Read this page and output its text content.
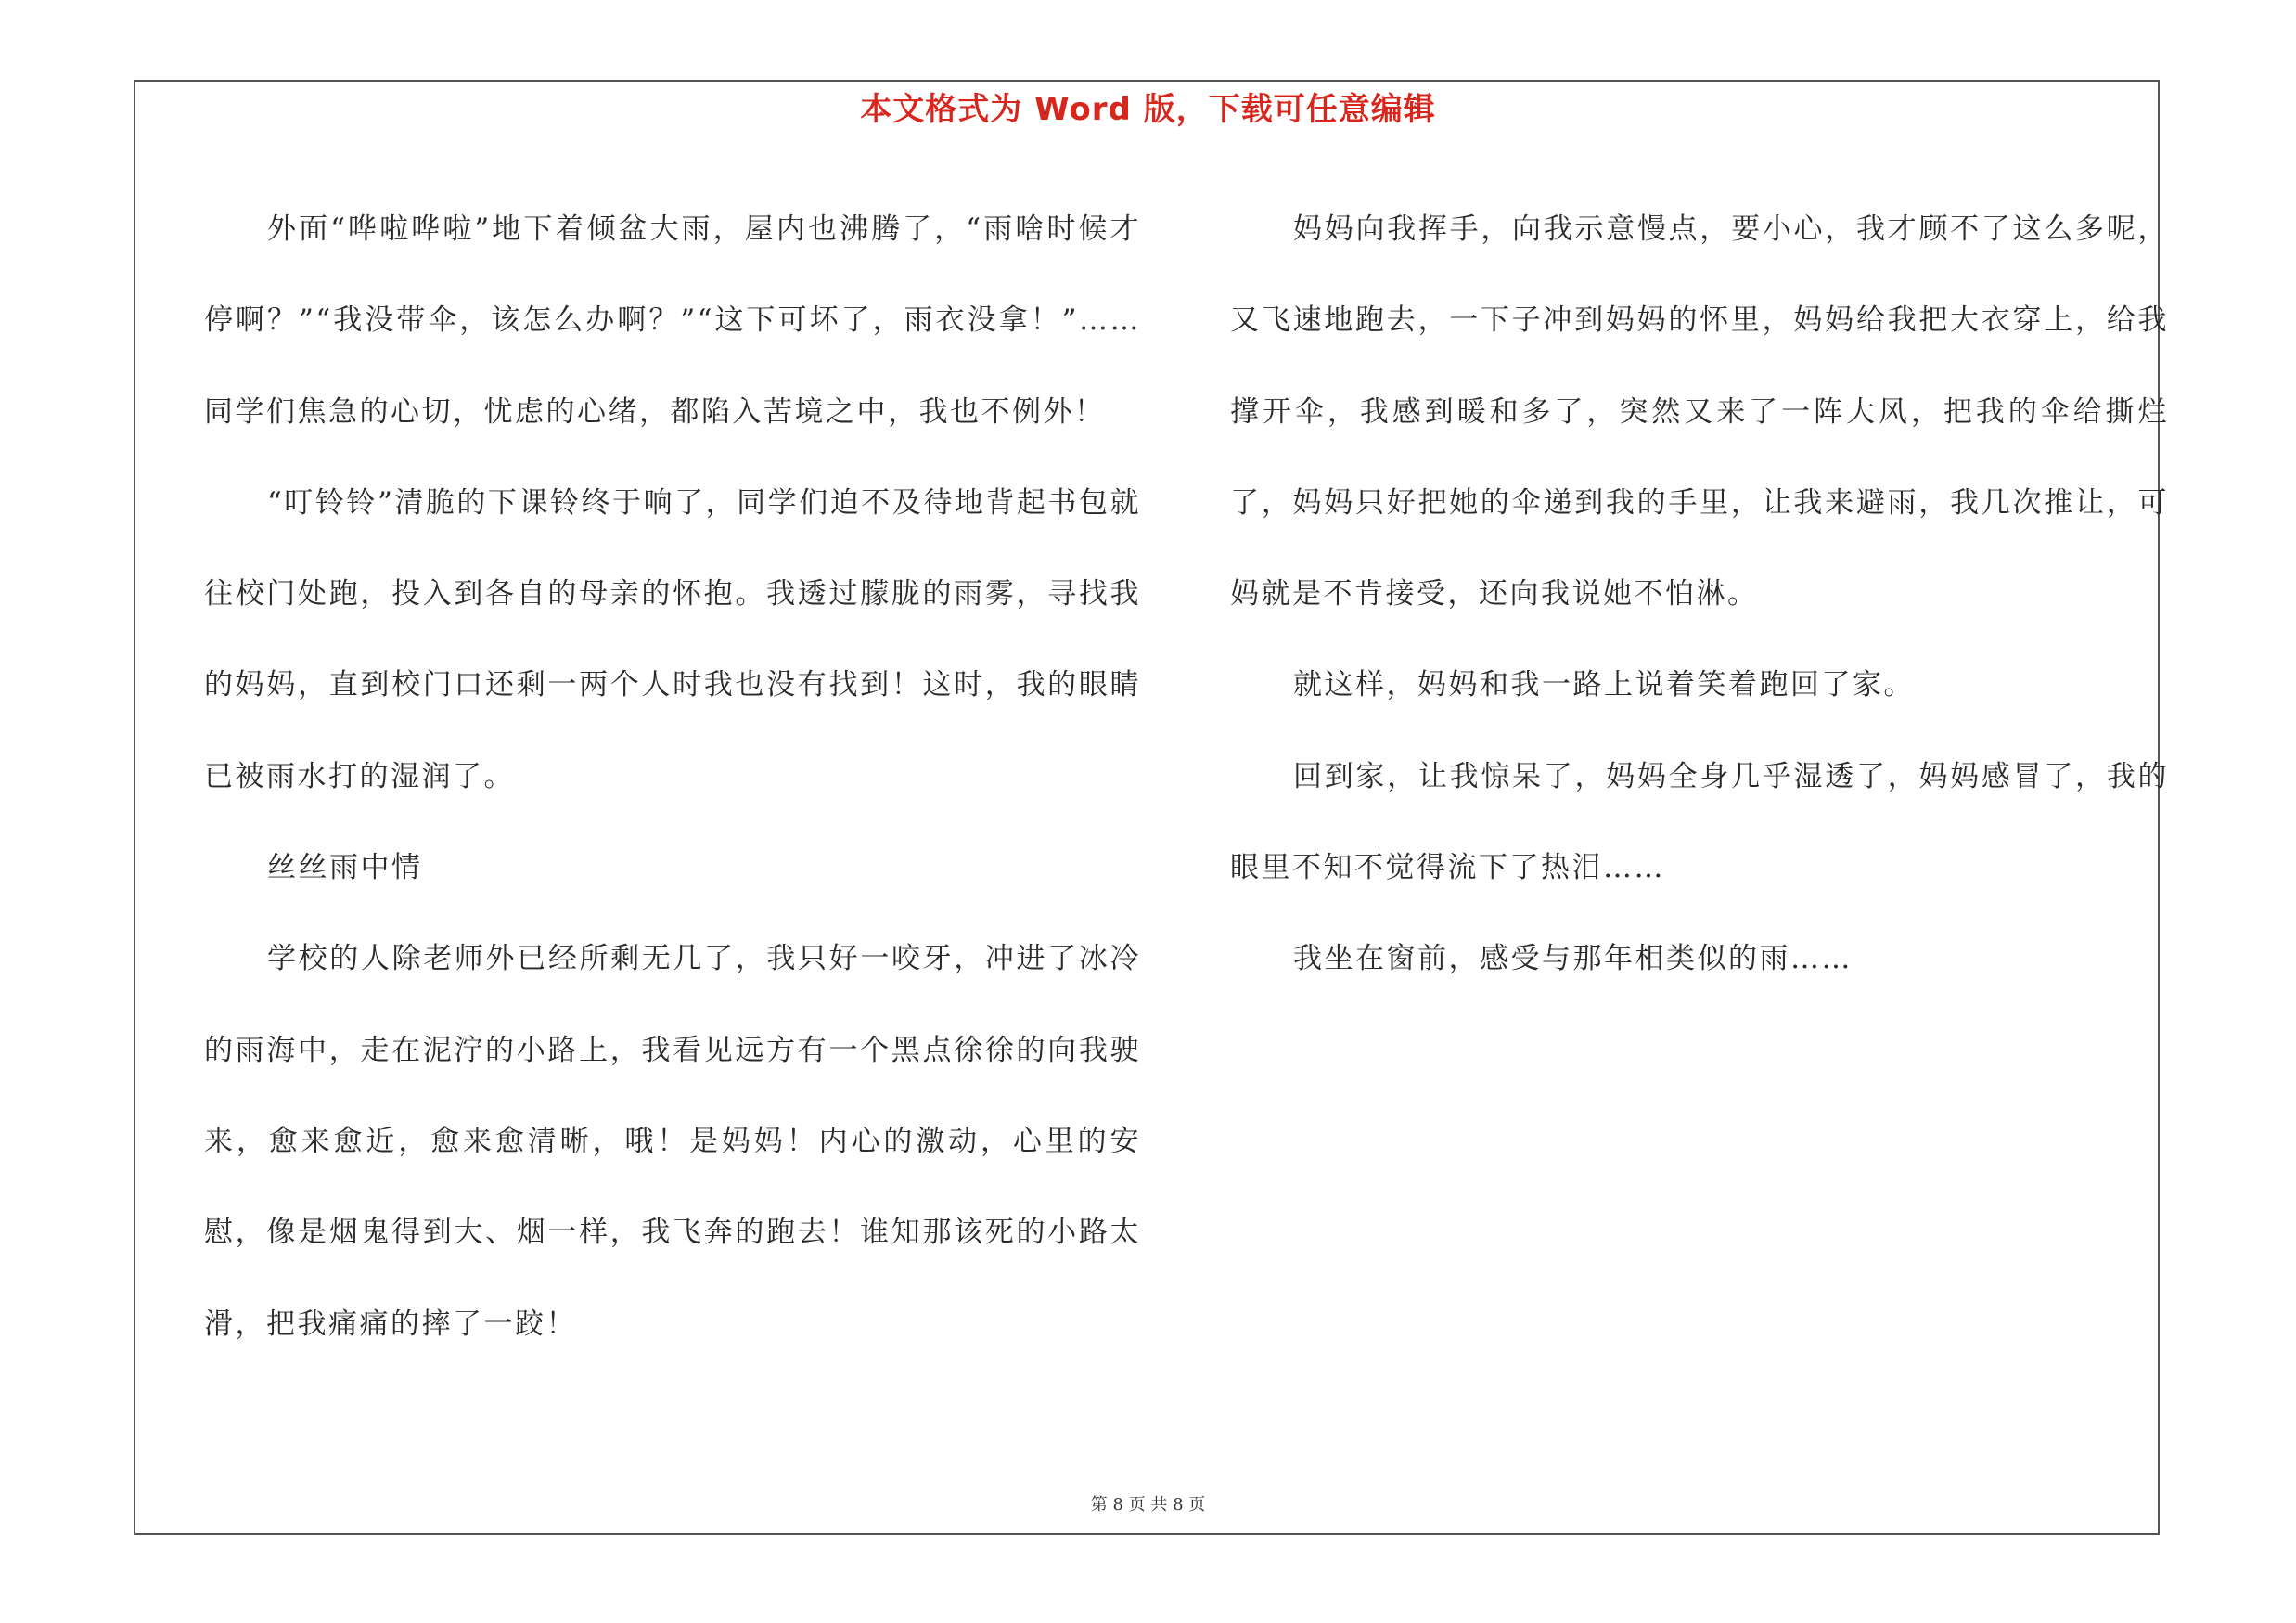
本文格式为 Word 版，下载可任意编辑

外面“哗啦哗啦”地下着倾盆大雨，屋内也沸腾了，“雨啥时候才停啊？”“我没带伞，该怎么办啊？”“这下可坏了，雨衣没拿！”……同学们焦急的心切，忧虑的心绪，都陷入苦境之中，我也不例外！

“叮铃铃”清脆的下课铃终于响了，同学们迫不及待地背起书包就往校门处跑，投入到各自的母亲的怀抱。我透过朦胧的雨雾，寻找我的妈妈，直到校门口还剩一两个人时我也没有找到！这时，我的眼睛已被雨水打的湿润了。

丝丝雨中情

学校的人除老师外已经所剩无几了，我只好一咬牙，冲进了冰冷的雨海中，走在泥泞的小路上，我看见远方有一个黑点徐徐的向我驶来，愈来愈近，愈来愈清晰，哦！是妈妈！内心的激动，心里的安慰，像是烟鬼得到大、烟一样，我飞奔的跑去！谁知那该死的小路太滑，把我痛痛的摔了一跤！

妈妈向我挥手，向我示意慢点，要小心，我才顾不了这么多呢，又飞速地跑去，一下子冲到妈妈的怀里，妈妈给我把大衣穿上，给我撑开伞，我感到暖和多了，突然又来了一阵大风，把我的伞给撕烂了，妈妈只好把她的伞递到我的手里，让我来避雨，我几次推让，可妈就是不肯接受，还向我说她不怕淋。

就这样，妈妈和我一路上说着笑着跑回了家。

回到家，让我惊呆了，妈妈全身几乎湿透了，妈妈感冒了，我的眼里不知不觉得流下了热泪……

我坐在窗前，感受与那年相类似的雨……

第 8 页 共 8 页
